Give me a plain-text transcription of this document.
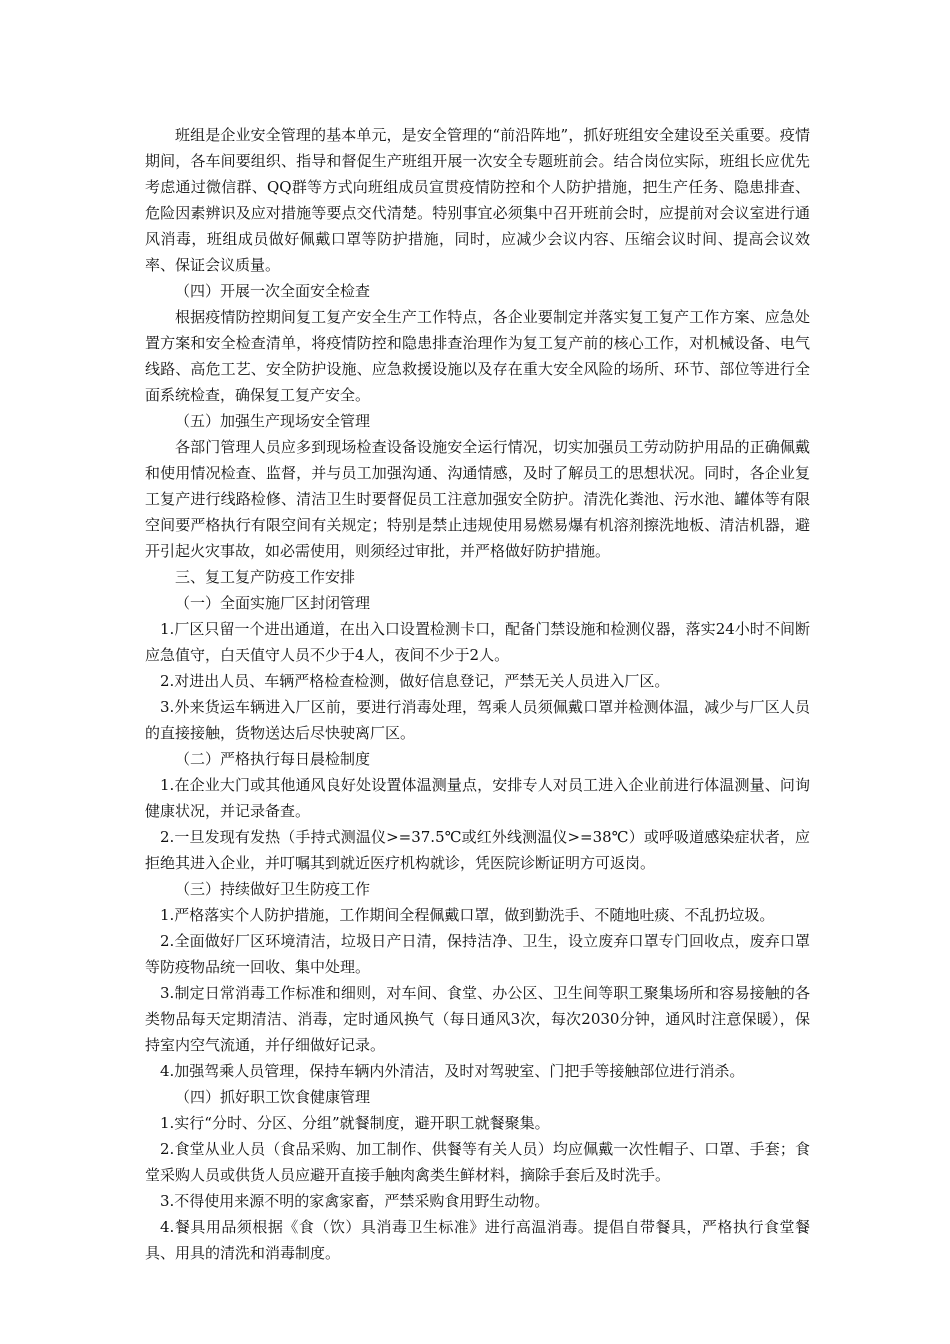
班组是企业安全管理的基本单元，是安全管理的“前沿阵地”，抓好班组安全建设至关重要。疫情期间，各车间要组织、指导和督促生产班组开展一次安全专题班前会。结合岗位实际，班组长应优先考虑通过微信群、QQ群等方式向班组成员宣贯疫情防控和个人防护措施，把生产任务、隐患排查、危险因素辨识及应对措施等要点交代清楚。特别事宜必须集中召开班前会时，应提前对会议室进行通风消毒，班组成员做好佩戴口罩等防护措施，同时，应减少会议内容、压缩会议时间、提高会议效率、保证会议质量。

（四）开展一次全面安全检查

根据疫情防控期间复工复产安全生产工作特点，各企业要制定并落实复工复产工作方案、应急处置方案和安全检查清单，将疫情防控和隐患排查治理作为复工复产前的核心工作，对机械设备、电气线路、高危工艺、安全防护设施、应急救援设施以及存在重大安全风险的场所、环节、部位等进行全面系统检查，确保复工复产安全。

（五）加强生产现场安全管理

各部门管理人员应多到现场检查设备设施安全运行情况，切实加强员工劳动防护用品的正确佩戴和使用情况检查、监督，并与员工加强沟通、沟通情感，及时了解员工的思想状况。同时，各企业复工复产进行线路检修、清洁卫生时要督促员工注意加强安全防护。清洗化粪池、污水池、罐体等有限空间要严格执行有限空间有关规定；特别是禁止违规使用易燃易爆有机溶剂擦洗地板、清洁机器，避开引起火灾事故，如必需使用，则须经过审批，并严格做好防护措施。

三、复工复产防疫工作安排

（一）全面实施厂区封闭管理

1.厂区只留一个进出通道，在出入口设置检测卡口，配备门禁设施和检测仪器，落实24小时不间断应急值守，白天值守人员不少于4人，夜间不少于2人。

2.对进出人员、车辆严格检查检测，做好信息登记，严禁无关人员进入厂区。

3.外来货运车辆进入厂区前，要进行消毒处理，驾乘人员须佩戴口罩并检测体温，减少与厂区人员的直接接触，货物送达后尽快驶离厂区。

（二）严格执行每日晨检制度

1.在企业大门或其他通风良好处设置体温测量点，安排专人对员工进入企业前进行体温测量、问询健康状况，并记录备查。

2.一旦发现有发热（手持式测温仪>=37.5℃或红外线测温仪>=38℃）或呼吸道感染症状者，应拒绝其进入企业，并叮嘱其到就近医疗机构就诊，凭医院诊断证明方可返岗。

（三）持续做好卫生防疫工作

1.严格落实个人防护措施，工作期间全程佩戴口罩，做到勤洗手、不随地吐痰、不乱扔垃圾。

2.全面做好厂区环境清洁，垃圾日产日清，保持洁净、卫生，设立废弃口罩专门回收点，废弃口罩等防疫物品统一回收、集中处理。

3.制定日常消毒工作标准和细则，对车间、食堂、办公区、卫生间等职工聚集场所和容易接触的各类物品每天定期清洁、消毒，定时通风换气（每日通风3次，每次2030分钟，通风时注意保暖），保持室内空气流通，并仔细做好记录。

4.加强驾乘人员管理，保持车辆内外清洁，及时对驾驶室、门把手等接触部位进行消杀。

（四）抓好职工饮食健康管理

1.实行“分时、分区、分组”就餐制度，避开职工就餐聚集。

2.食堂从业人员（食品采购、加工制作、供餐等有关人员）均应佩戴一次性帽子、口罩、手套；食堂采购人员或供货人员应避开直接手触肉禽类生鲜材料，摘除手套后及时洗手。

3.不得使用来源不明的家禽家畜，严禁采购食用野生动物。

4.餐具用品须根据《食（饮）具消毒卫生标准》进行高温消毒。提倡自带餐具，严格执行食堂餐具、用具的清洗和消毒制度。
